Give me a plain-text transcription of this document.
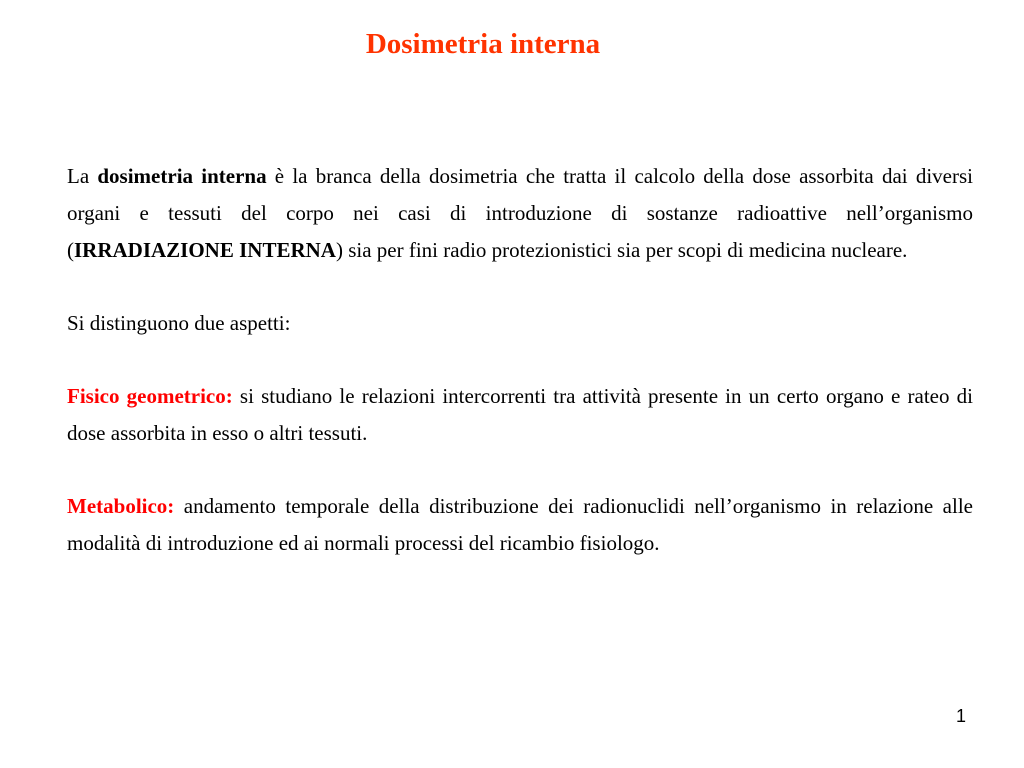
Dosimetria interna

La dosimetria interna è la branca della dosimetria che tratta il calcolo della dose assorbita dai diversi organi e tessuti del corpo nei casi di introduzione di sostanze radioattive nell’organismo (IRRADIAZIONE INTERNA) sia per fini radio protezionistici sia per scopi di medicina nucleare.

Si distinguono due aspetti:

Fisico geometrico: si studiano le relazioni intercorrenti tra attività presente in un certo organo e rateo di dose assorbita in esso o altri tessuti.

Metabolico: andamento temporale della distribuzione dei radionuclidi nell’organismo in relazione alle modalità di introduzione ed ai normali processi del ricambio fisiologo.

1
